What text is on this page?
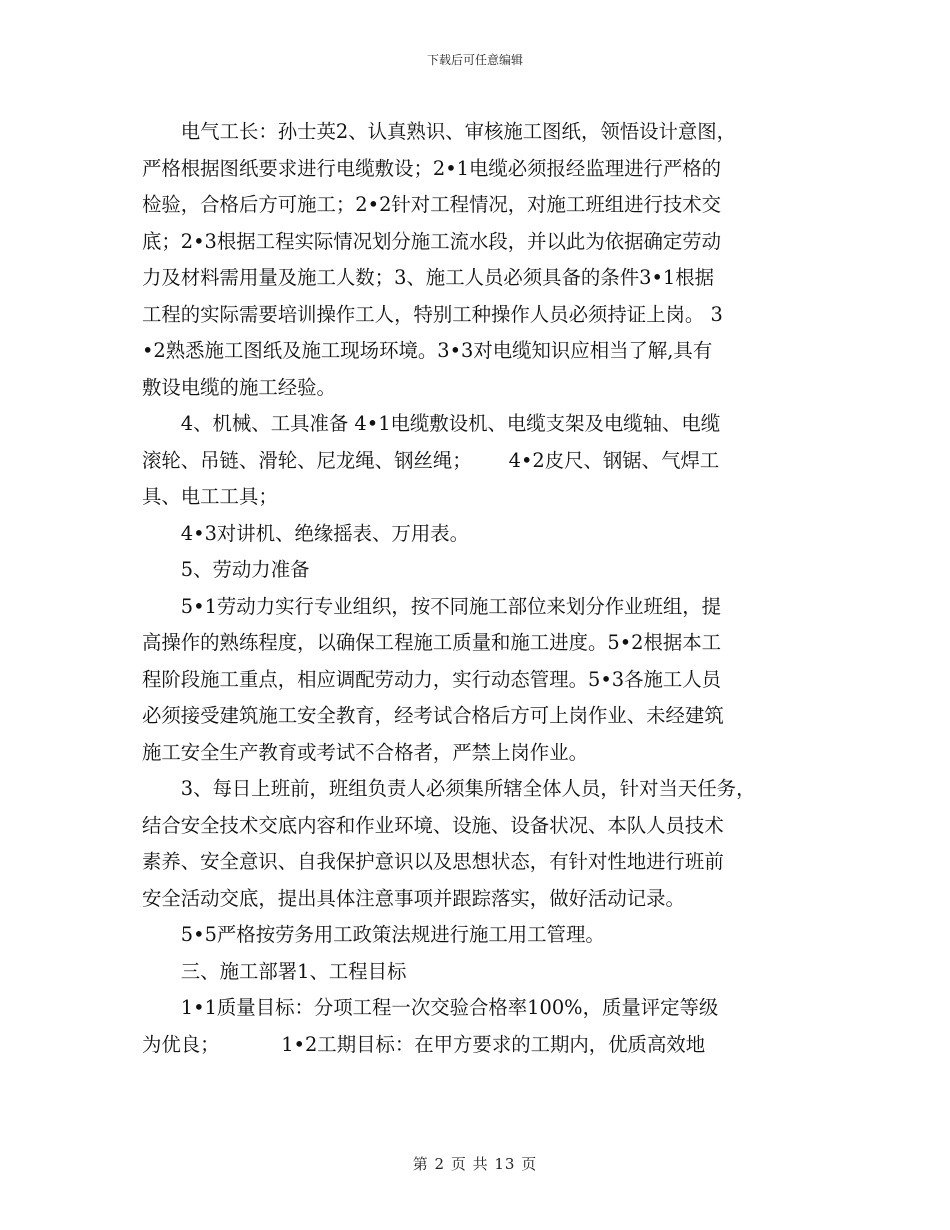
下载后可任意编辑

电气工长：孙士英2、认真熟识、审核施工图纸，领悟设计意图，

严格根据图纸要求进行电缆敷设；2•1电缆必须报经监理进行严格的

检验，合格后方可施工；2•2针对工程情况，对施工班组进行技术交

底；2•3根据工程实际情况划分施工流水段，并以此为依据确定劳动

力及材料需用量及施工人数；3、施工人员必须具备的条件3•1根据

工程的实际需要培训操作工人，特别工种操作人员必须持证上岗。 3

•2熟悉施工图纸及施工现场环境。3•3对电缆知识应相当了解,具有

敷设电缆的施工经验。

4、机械、工具准备 4•1电缆敷设机、电缆支架及电缆轴、电缆

滚轮、吊链、滑轮、尼龙绳、钢丝绳；      4•2皮尺、钢锯、气焊工

具、电工工具；

4•3对讲机、绝缘摇表、万用表。

5、劳动力准备

5•1劳动力实行专业组织，按不同施工部位来划分作业班组，提

高操作的熟练程度，以确保工程施工质量和施工进度。5•2根据本工

程阶段施工重点，相应调配劳动力，实行动态管理。5•3各施工人员

必须接受建筑施工安全教育，经考试合格后方可上岗作业、未经建筑

施工安全生产教育或考试不合格者，严禁上岗作业。

3、每日上班前，班组负责人必须集所辖全体人员，针对当天任务，

结合安全技术交底内容和作业环境、设施、设备状况、本队人员技术

素养、安全意识、自我保护意识以及思想状态，有针对性地进行班前

安全活动交底，提出具体注意事项并跟踪落实，做好活动记录。

5•5严格按劳务用工政策法规进行施工用工管理。

三、施工部署1、工程目标

1•1质量目标：分项工程一次交验合格率100%，质量评定等级

为优良；          1•2工期目标：在甲方要求的工期内，优质高效地

第 2 页 共 13 页
